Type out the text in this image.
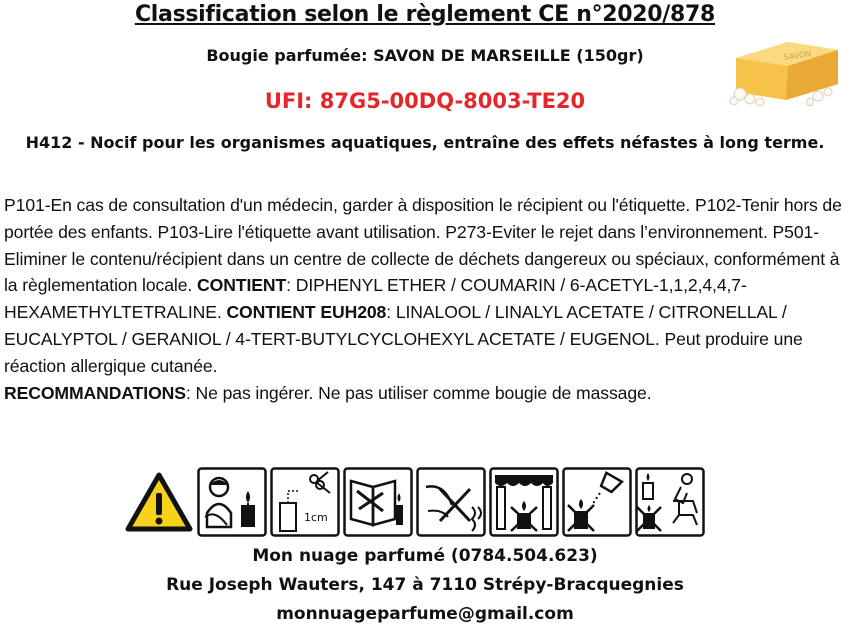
Classification selon le règlement CE n°2020/878
Bougie parfumée: SAVON DE MARSEILLE (150gr)
UFI: 87G5-00DQ-8003-TE20
SAVON
H412 - Nocif pour les organismes aquatiques, entraîne des effets néfastes à long terme.
P101-En cas de consultation d'un médecin, garder à disposition le récipient ou l'étiquette. P102-Tenir hors de portée des enfants. P103-Lire l'étiquette avant utilisation. P273-Eviter le rejet dans l’environnement. P501-Eliminer le contenu/récipient dans un centre de collecte de déchets dangereux ou spéciaux, conformément à la règlementation locale. CONTIENT: DIPHENYL ETHER / COUMARIN / 6-ACETYL-1,1,2,4,4,7-HEXAMETHYLTETRALINE. CONTIENT EUH208: LINALOOL / LINALYL ACETATE / CITRONELLAL / EUCALYPTOL / GERANIOL / 4-TERT-BUTYLCYCLOHEXYL ACETATE / EUGENOL. Peut produire une réaction allergique cutanée.
RECOMMANDATIONS: Ne pas ingérer. Ne pas utiliser comme bougie de massage.
1cm
Mon nuage parfumé (0784.504.623)
Rue Joseph Wauters, 147 à 7110 Strépy-Bracquegnies
monnuageparfume@gmail.com
